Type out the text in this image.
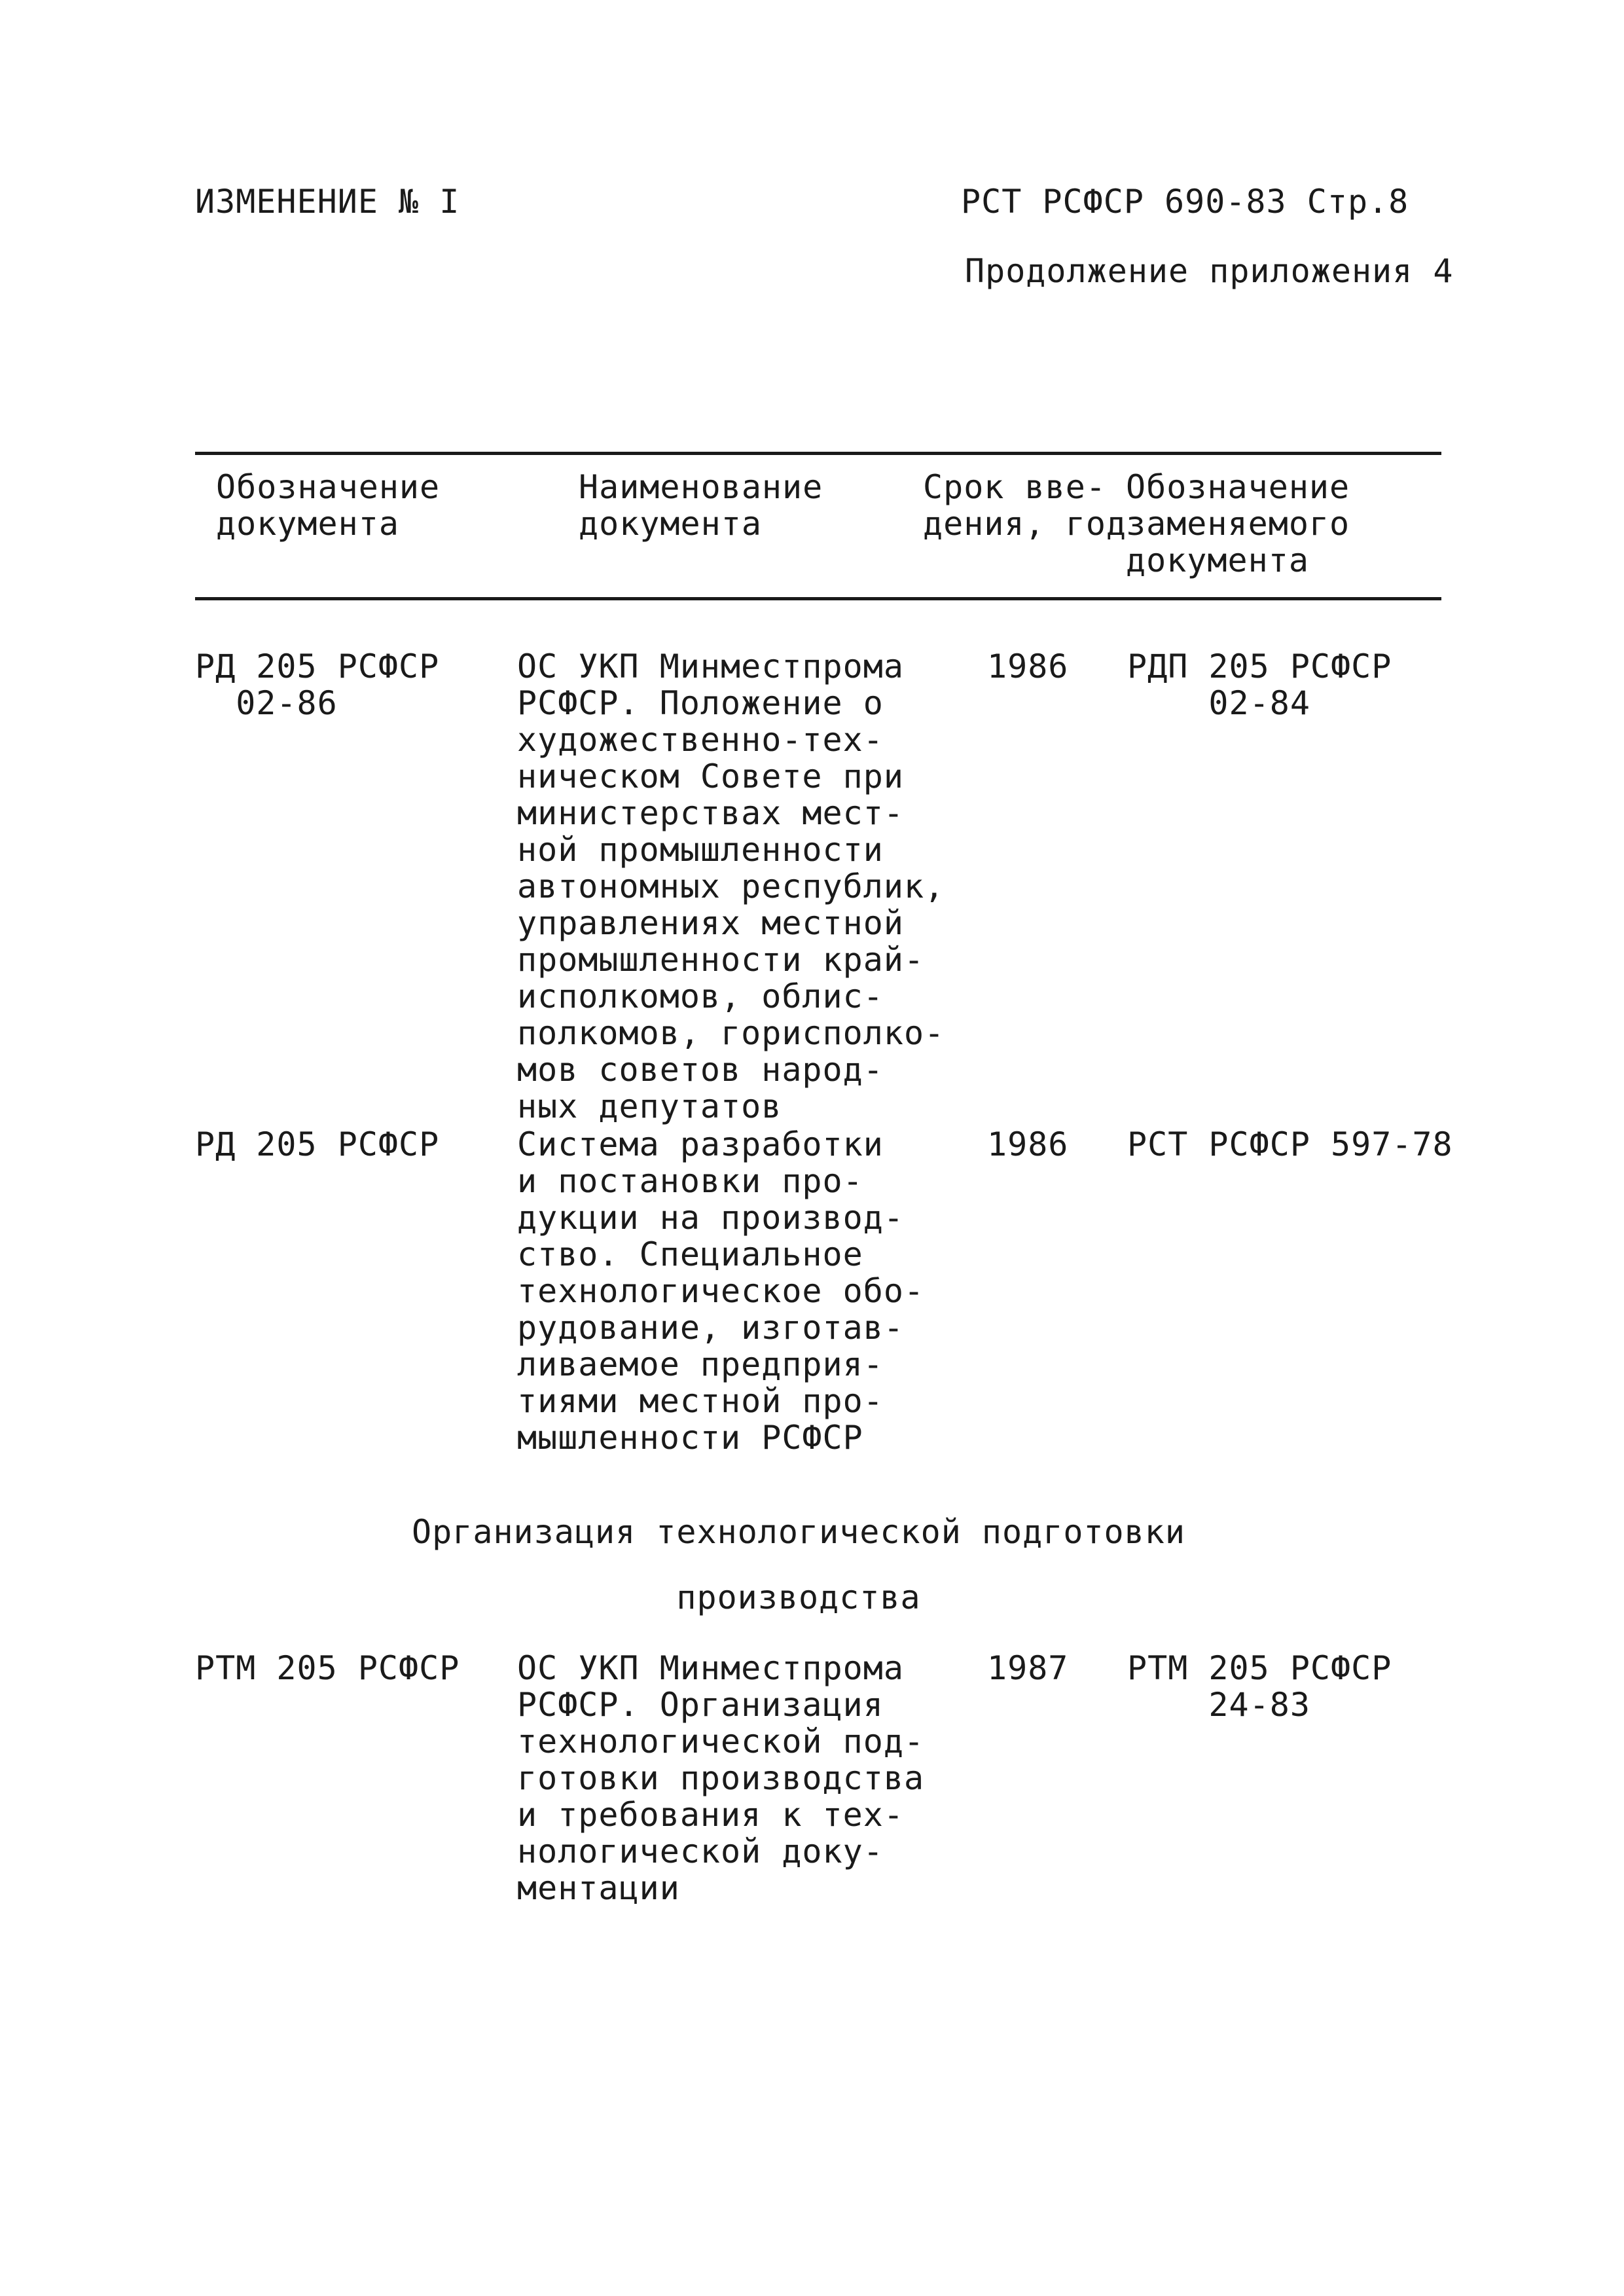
ИЗМЕНЕНИЕ № I	РСТ РСФСР 690-83 Стр.8
Продолжение приложения 4
Обозначение
документа
Наименование
документа
Срок вве-
дения, год
Обозначение
заменяемого
документа
РД 205 РСФСР
02-86
ОС УКП Минместпрома
РСФСР. Положение о
художественно-тех-
ническом Совете при
министерствах мест-
ной промышленности
автономных республик,
управлениях местной
промышленности край-
исполкомов, облис-
полкомов, горисполко-
мов советов народ-
ных депутатов
1986 РДП 205 РСФСР
02-84
РД 205 РСФСР Система разработки
и постановки про-
дукции на производ-
ство. Специальное
технологическое обо-
рудование, изготав-
ливаемое предприя-
тиями местной про-
мышленности РСФСР
1986 РСТ РСФСР 597-78
Организация технологической подготовки
производства
РТМ 205 РСФСР ОС УКП Минместпрома
РСФСР. Организация
технологической под-
готовки производства
и требования к тех-
нологической доку-
ментации
1987 РТМ 205 РСФСР
24-83
